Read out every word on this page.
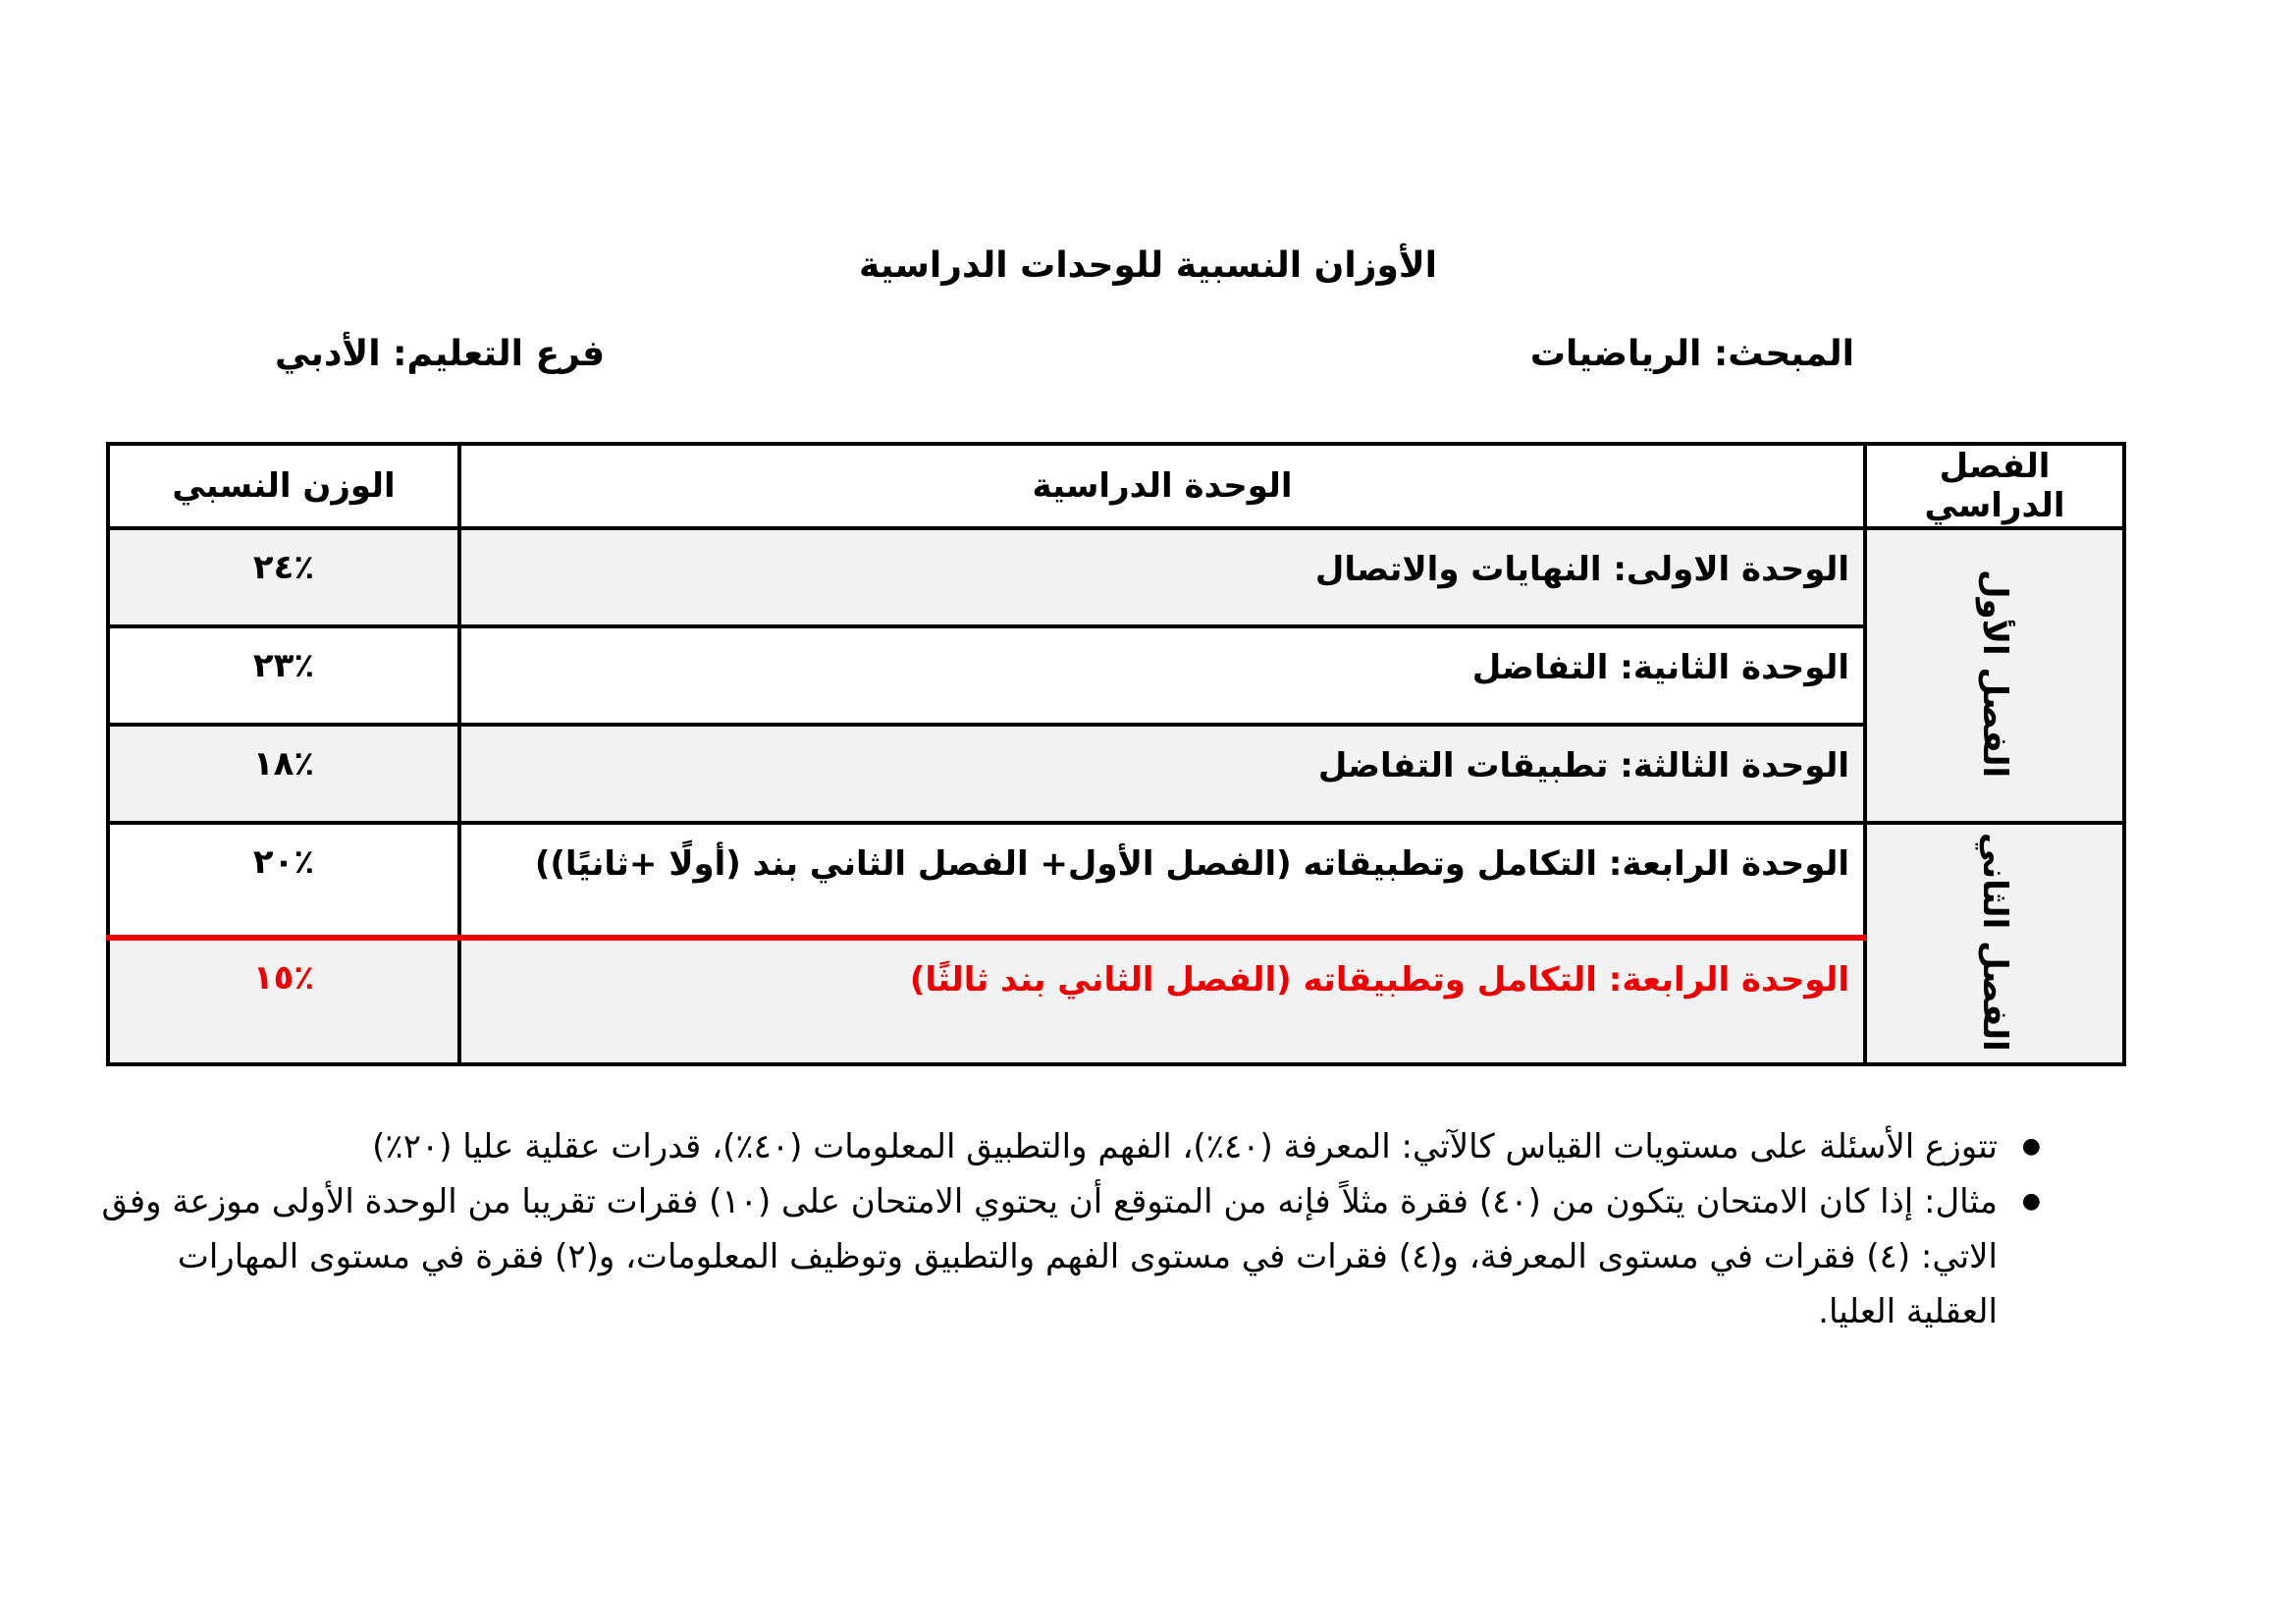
الأوزان النسبية للوحدات الدراسية
المبحث: الرياضيات
فرع التعليم: الأدبي
الفصل الدراسي	الوحدة الدراسية	الوزن النسبي
الفصل الأول	الوحدة الاولى: النهايات والاتصال	٪٢٤
	الوحدة الثانية: التفاضل	٪٢٣
	الوحدة الثالثة: تطبيقات التفاضل	٪١٨
الفصل الثاني	الوحدة الرابعة: التكامل وتطبيقاته (الفصل الأول+ الفصل الثاني بند (أولًا +ثانيًا))	٪٢٠
	الوحدة الرابعة: التكامل وتطبيقاته (الفصل الثاني بند ثالثًا)	٪١٥
● تتوزع الأسئلة على مستويات القياس كالآتي: المعرفة (٤٠٪)، الفهم والتطبيق المعلومات (٤٠٪)، قدرات عقلية عليا (٢٠٪)
● مثال: إذا كان الامتحان يتكون من (٤٠) فقرة مثلاً فإنه من المتوقع أن يحتوي الامتحان على (١٠) فقرات تقريبا من الوحدة الأولى موزعة وفق الاتي: (٤) فقرات في مستوى المعرفة، و(٤) فقرات في مستوى الفهم والتطبيق وتوظيف المعلومات، و(٢) فقرة في مستوى المهارات العقلية العليا.
